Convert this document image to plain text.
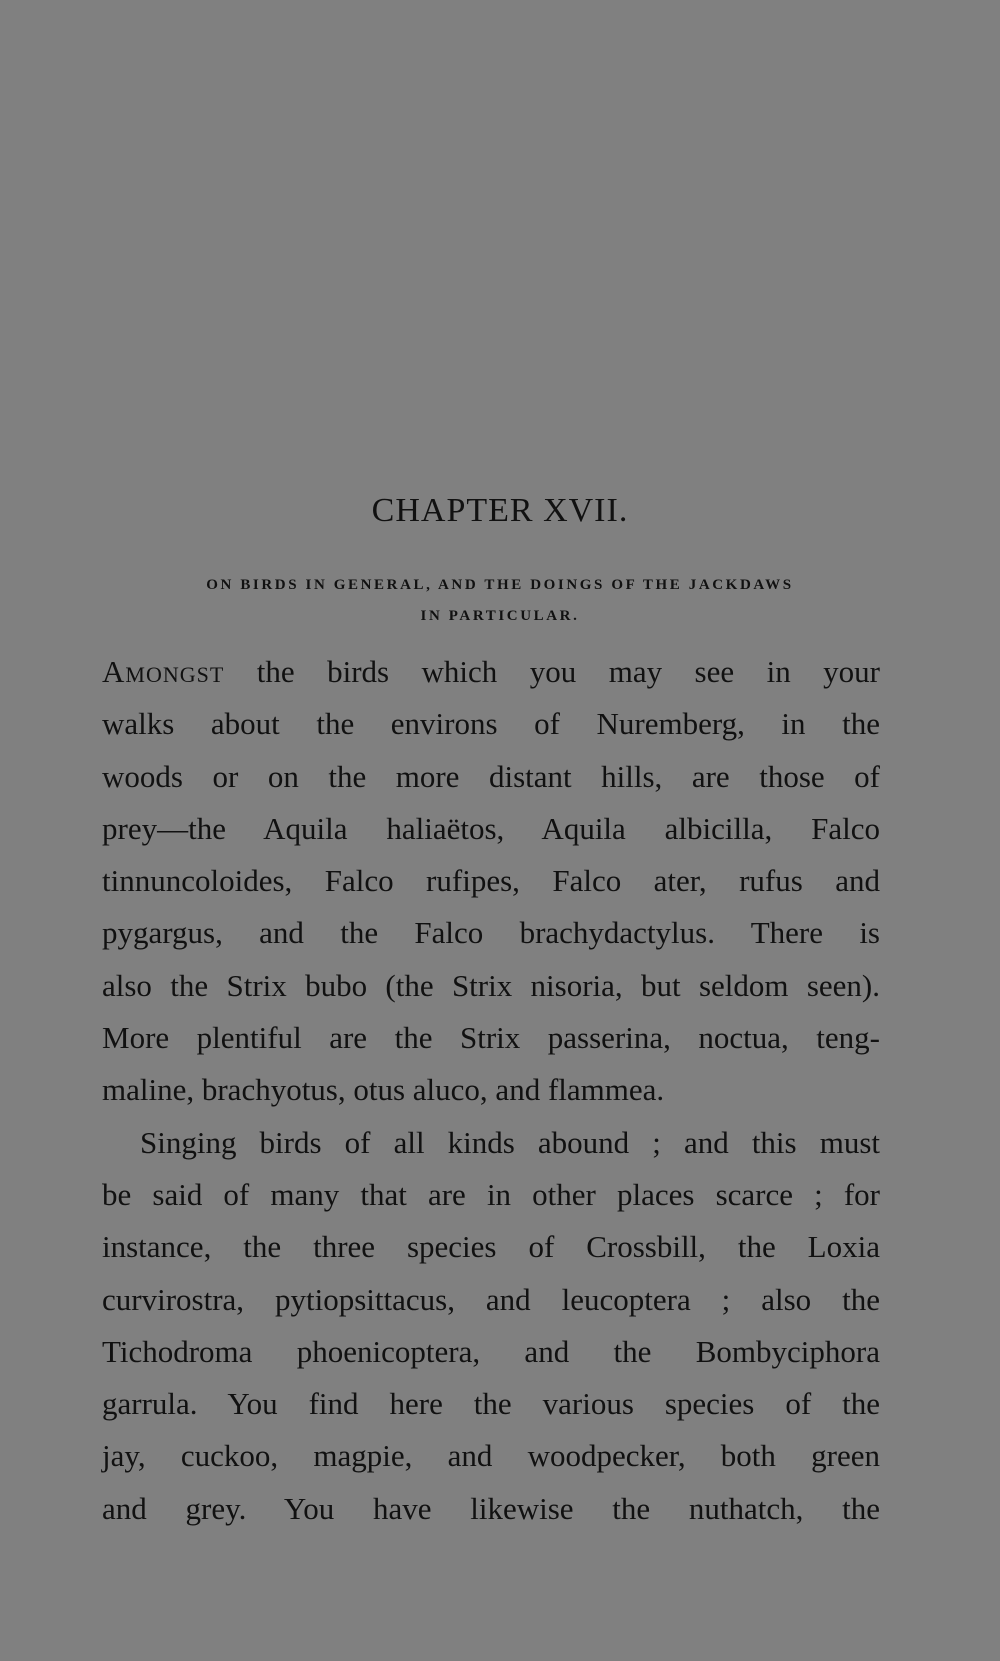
CHAPTER XVII.
ON BIRDS IN GENERAL, AND THE DOINGS OF THE JACKDAWS
IN PARTICULAR.
Amongst the birds which you may see in your
walks about the environs of Nuremberg, in the
woods or on the more distant hills, are those of
prey—the Aquila haliaëtos, Aquila albicilla, Falco
tinnuncoloides, Falco rufipes, Falco ater, rufus and
pygargus, and the Falco brachydactylus. There is
also the Strix bubo (the Strix nisoria, but seldom seen).
More plentiful are the Strix passerina, noctua, teng-
maline, brachyotus, otus aluco, and flammea.
Singing birds of all kinds abound ; and this must
be said of many that are in other places scarce ; for
instance, the three species of Crossbill, the Loxia
curvirostra, pytiopsittacus, and leucoptera ; also the
Tichodroma phoenicoptera, and the Bombyciphora
garrula. You find here the various species of the
jay, cuckoo, magpie, and woodpecker, both green
and grey. You have likewise the nuthatch, the
